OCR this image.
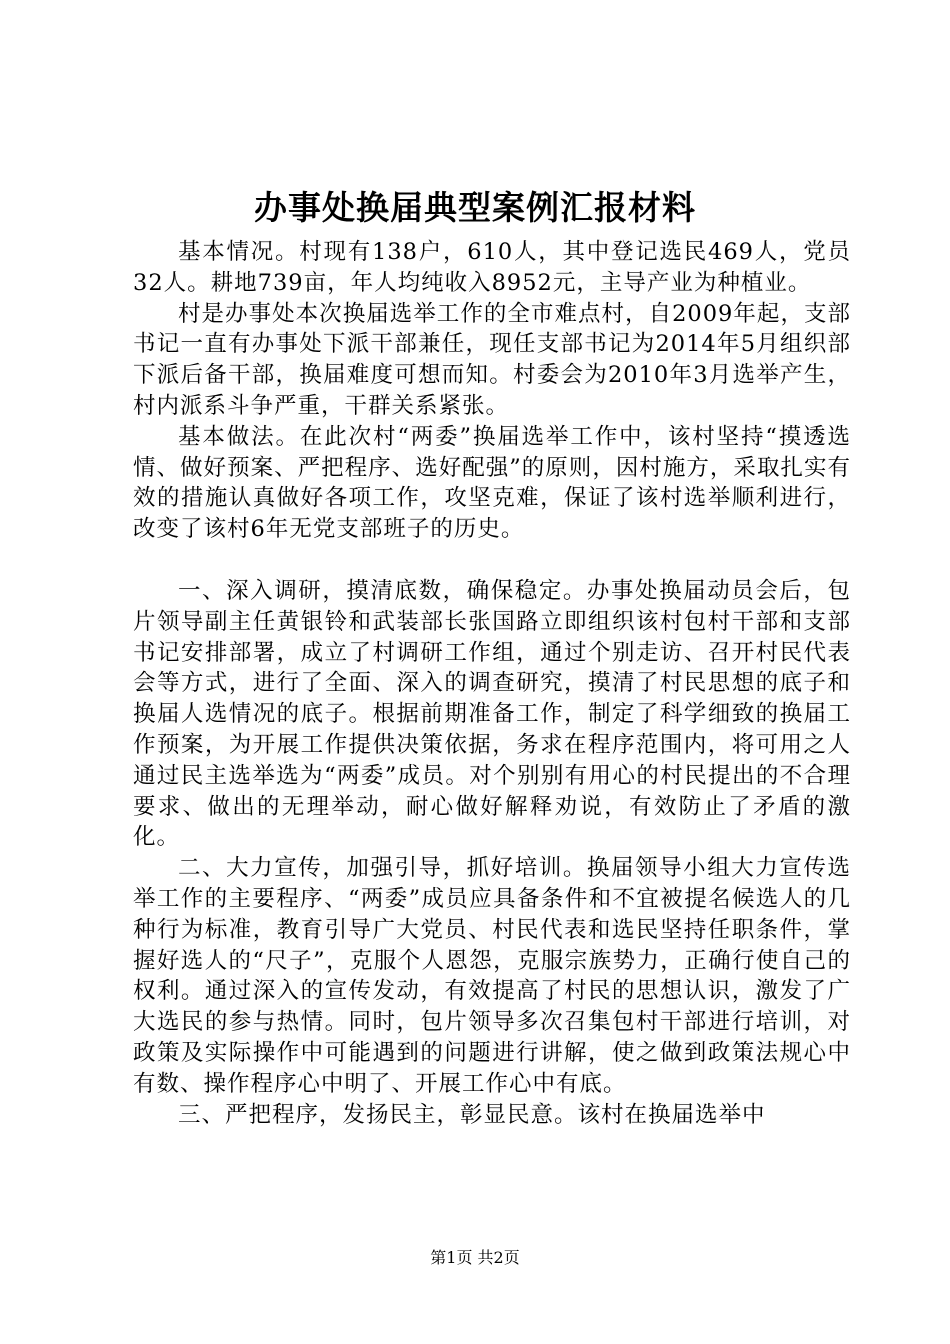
办事处换届典型案例汇报材料

基本情况。村现有138户，610人，其中登记选民469人，党员32人。耕地739亩，年人均纯收入8952元，主导产业为种植业。

村是办事处本次换届选举工作的全市难点村，自2009年起，支部书记一直有办事处下派干部兼任，现任支部书记为2014年5月组织部下派后备干部，换届难度可想而知。村委会为2010年3月选举产生，村内派系斗争严重，干群关系紧张。

基本做法。在此次村“两委”换届选举工作中，该村坚持“摸透选情、做好预案、严把程序、选好配强”的原则，因村施方，采取扎实有效的措施认真做好各项工作，攻坚克难，保证了该村选举顺利进行，改变了该村6年无党支部班子的历史。

一、深入调研，摸清底数，确保稳定。办事处换届动员会后，包片领导副主任黄银铃和武装部长张国路立即组织该村包村干部和支部书记安排部署，成立了村调研工作组，通过个别走访、召开村民代表会等方式，进行了全面、深入的调查研究，摸清了村民思想的底子和换届人选情况的底子。根据前期准备工作，制定了科学细致的换届工作预案，为开展工作提供决策依据，务求在程序范围内，将可用之人通过民主选举选为“两委”成员。对个别别有用心的村民提出的不合理要求、做出的无理举动，耐心做好解释劝说，有效防止了矛盾的激化。

二、大力宣传，加强引导，抓好培训。换届领导小组大力宣传选举工作的主要程序、“两委”成员应具备条件和不宜被提名候选人的几种行为标准，教育引导广大党员、村民代表和选民坚持任职条件，掌握好选人的“尺子”，克服个人恩怨，克服宗族势力，正确行使自己的权利。通过深入的宣传发动，有效提高了村民的思想认识，激发了广大选民的参与热情。同时，包片领导多次召集包村干部进行培训，对政策及实际操作中可能遇到的问题进行讲解，使之做到政策法规心中有数、操作程序心中明了、开展工作心中有底。

三、严把程序，发扬民主，彰显民意。该村在换届选举中

第1页 共2页
